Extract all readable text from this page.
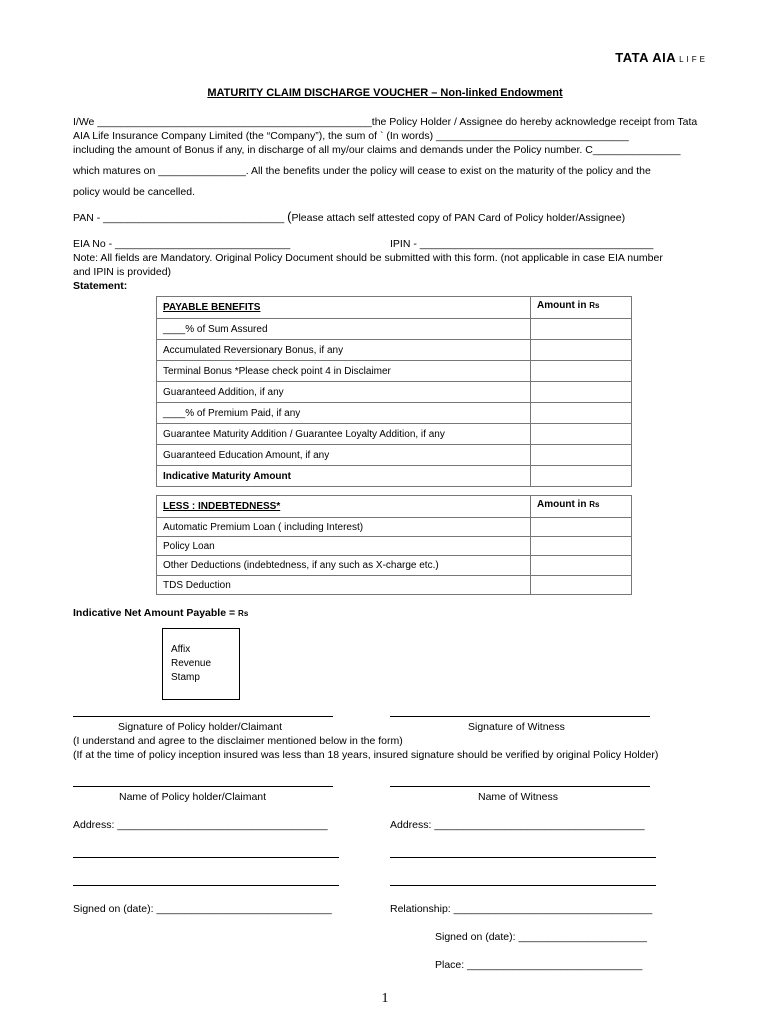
TATA AIA LIFE
MATURITY CLAIM DISCHARGE VOUCHER – Non-linked Endowment
I/We _______________________________________________the Policy Holder / Assignee do hereby acknowledge receipt from Tata
AIA Life Insurance Company Limited (the “Company”), the sum of ` (In words) _________________________________
including the amount of Bonus if any, in discharge of all my/our claims and demands under the Policy number. C_______________
which matures on _______________. All the benefits under the policy will cease to exist on the maturity of the policy and the
policy would be cancelled.
PAN - _______________________________ (Please attach self attested copy of PAN Card of Policy holder/Assignee)
EIA No - ______________________________	IPIN - ________________________________________
Note: All fields are Mandatory. Original Policy Document should be submitted with this form. (not applicable in case EIA number
and IPIN is provided)
Statement:
PAYABLE BENEFITS	Amount in Rs
____% of Sum Assured	
Accumulated Reversionary Bonus, if any	
Terminal Bonus *Please check point 4 in Disclaimer	
Guaranteed Addition, if any	
____% of Premium Paid, if any	
Guarantee Maturity Addition / Guarantee Loyalty Addition, if any	
Guaranteed Education Amount, if any	
Indicative Maturity Amount	
LESS : INDEBTEDNESS*	Amount in Rs
Automatic Premium Loan ( including Interest)	
Policy Loan	
Other Deductions (indebtedness, if any such as X-charge etc.)	
TDS Deduction	
Indicative Net Amount Payable = Rs
Affix
Revenue
Stamp
Signature of Policy holder/Claimant	Signature of Witness
(I understand and agree to the disclaimer mentioned below in the form)
(If at the time of policy inception insured was less than 18 years, insured signature should be verified by original Policy Holder)
Name of Policy holder/Claimant	Name of Witness
Address: ____________________________________	Address: ____________________________________
Signed on (date): ______________________________	Relationship: __________________________________
Signed on (date): ______________________
Place: ______________________________
1
